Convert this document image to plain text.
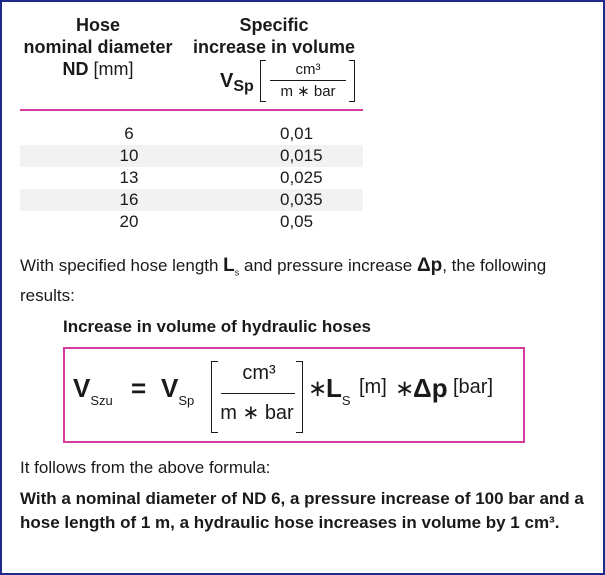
Hose
nominal diameter
ND [mm]
Specific
increase in volume
$V_{Sp}$
cm³
m ∗ bar
6	0,01
10	0,015
13	0,025
16	0,035
20	0,05
With specified hose length $L_s$ and pressure increase Δp, the following results:
Increase in volume of hydraulic hoses
$V_{Szu} = V_{Sp}$
cm³
m ∗ bar
∗
$L_S$
[m] ∗
Δp [bar]
It follows from the above formula:
With a nominal diameter of ND 6, a pressure increase of 100 bar and a hose length of 1 m, a hydraulic hose increases in volume by 1 cm³.
